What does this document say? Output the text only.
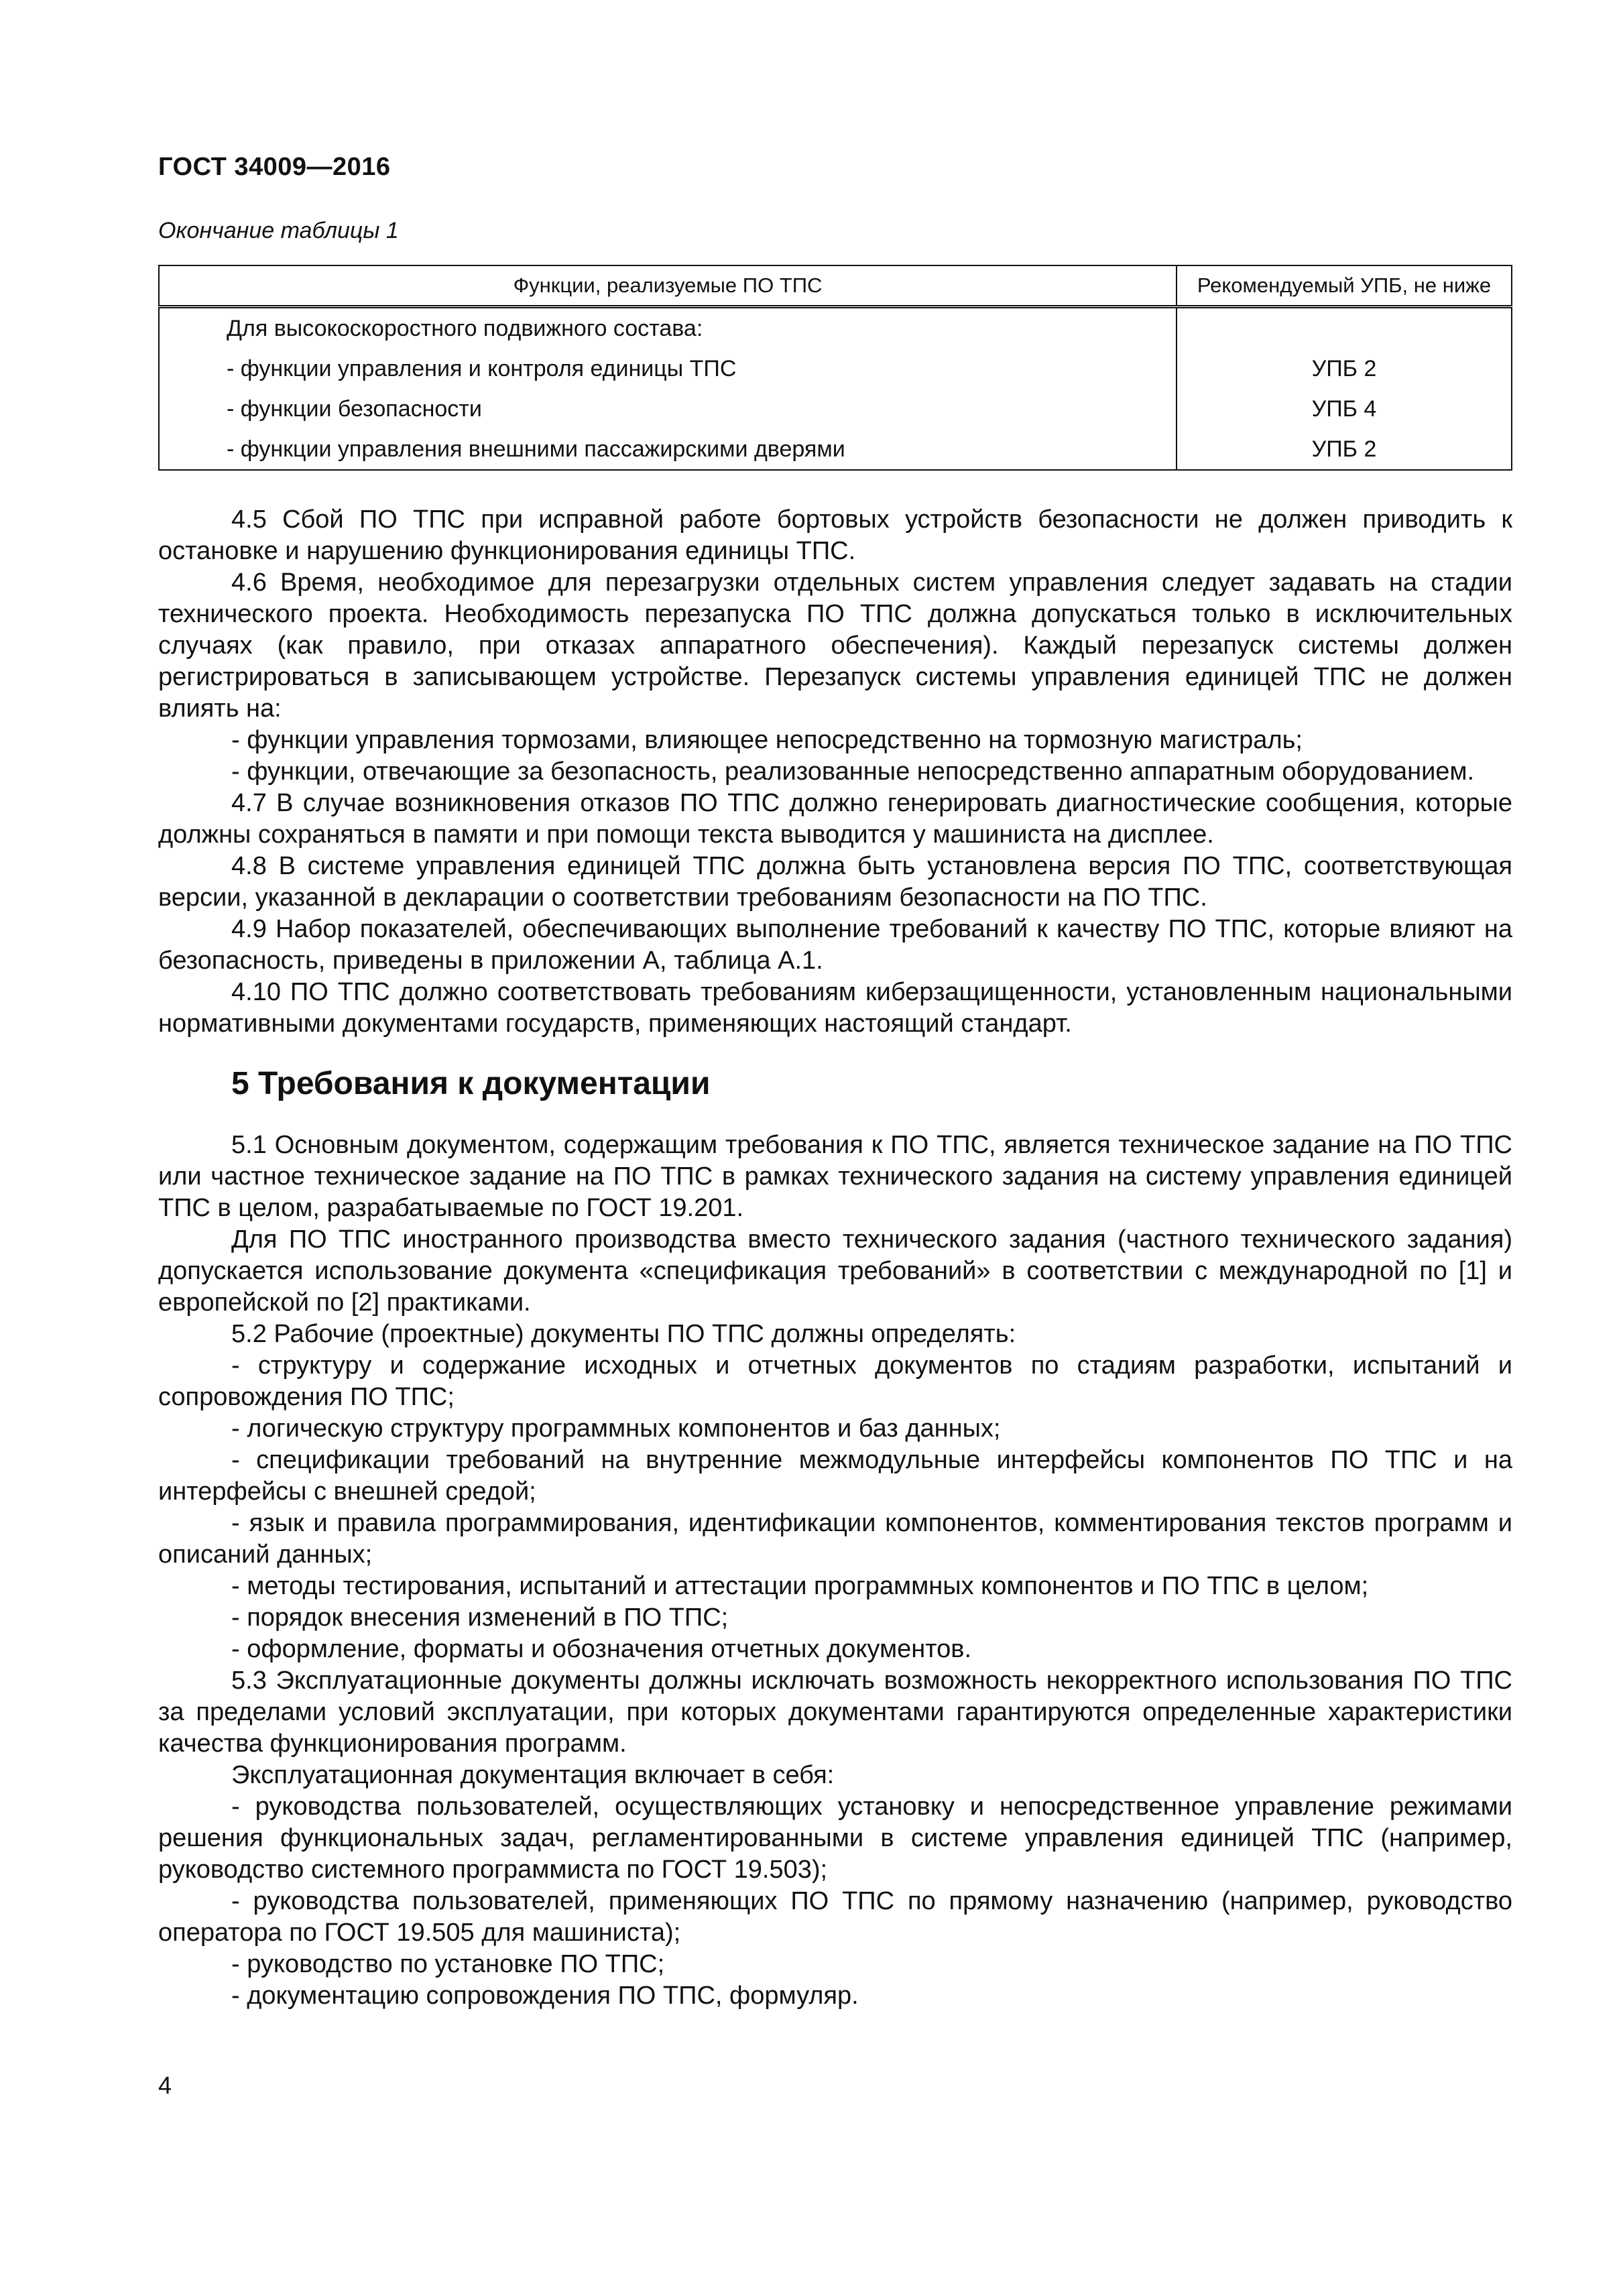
ГОСТ 34009—2016
Окончание таблицы 1
Функции, реализуемые ПО ТПС	Рекомендуемый УПБ, не ниже
Для высокоскоростного подвижного состава:	
- функции управления и контроля единицы ТПС	УПБ 2
- функции безопасности	УПБ 4
- функции управления внешними пассажирскими дверями	УПБ 2

4.5 Сбой ПО ТПС при исправной работе бортовых устройств безопасности не должен приводить к остановке и нарушению функционирования единицы ТПС.

4.6 Время, необходимое для перезагрузки отдельных систем управления следует задавать на стадии технического проекта. Необходимость перезапуска ПО ТПС должна допускаться только в исключительных случаях (как правило, при отказах аппаратного обеспечения). Каждый перезапуск системы должен регистрироваться в записывающем устройстве. Перезапуск системы управления единицей ТПС не должен влиять на:

- функции управления тормозами, влияющее непосредственно на тормозную магистраль;

- функции, отвечающие за безопасность, реализованные непосредственно аппаратным оборудованием.

4.7 В случае возникновения отказов ПО ТПС должно генерировать диагностические сообщения, которые должны сохраняться в памяти и при помощи текста выводится у машиниста на дисплее.

4.8 В системе управления единицей ТПС должна быть установлена версия ПО ТПС, соответствующая версии, указанной в декларации о соответствии требованиям безопасности на ПО ТПС.

4.9 Набор показателей, обеспечивающих выполнение требований к качеству ПО ТПС, которые влияют на безопасность, приведены в приложении А, таблица А.1.

4.10 ПО ТПС должно соответствовать требованиям киберзащищенности, установленным национальными нормативными документами государств, применяющих настоящий стандарт.

5 Требования к документации

5.1 Основным документом, содержащим требования к ПО ТПС, является техническое задание на ПО ТПС или частное техническое задание на ПО ТПС в рамках технического задания на систему управления единицей ТПС в целом, разрабатываемые по ГОСТ 19.201.

Для ПО ТПС иностранного производства вместо технического задания (частного технического задания) допускается использование документа «спецификация требований» в соответствии с международной по [1] и европейской по [2] практиками.

5.2 Рабочие (проектные) документы ПО ТПС должны определять:

- структуру и содержание исходных и отчетных документов по стадиям разработки, испытаний и сопровождения ПО ТПС;

- логическую структуру программных компонентов и баз данных;

- спецификации требований на внутренние межмодульные интерфейсы компонентов ПО ТПС и на интерфейсы с внешней средой;

- язык и правила программирования, идентификации компонентов, комментирования текстов программ и описаний данных;

- методы тестирования, испытаний и аттестации программных компонентов и ПО ТПС в целом;

- порядок внесения изменений в ПО ТПС;

- оформление, форматы и обозначения отчетных документов.

5.3 Эксплуатационные документы должны исключать возможность некорректного использования ПО ТПС за пределами условий эксплуатации, при которых документами гарантируются определенные характеристики качества функционирования программ.

Эксплуатационная документация включает в себя:

- руководства пользователей, осуществляющих установку и непосредственное управление режимами решения функциональных задач, регламентированными в системе управления единицей ТПС (например, руководство системного программиста по ГОСТ 19.503);

- руководства пользователей, применяющих ПО ТПС по прямому назначению (например, руководство оператора по ГОСТ 19.505 для машиниста);

- руководство по установке ПО ТПС;

- документацию сопровождения ПО ТПС, формуляр.

4
